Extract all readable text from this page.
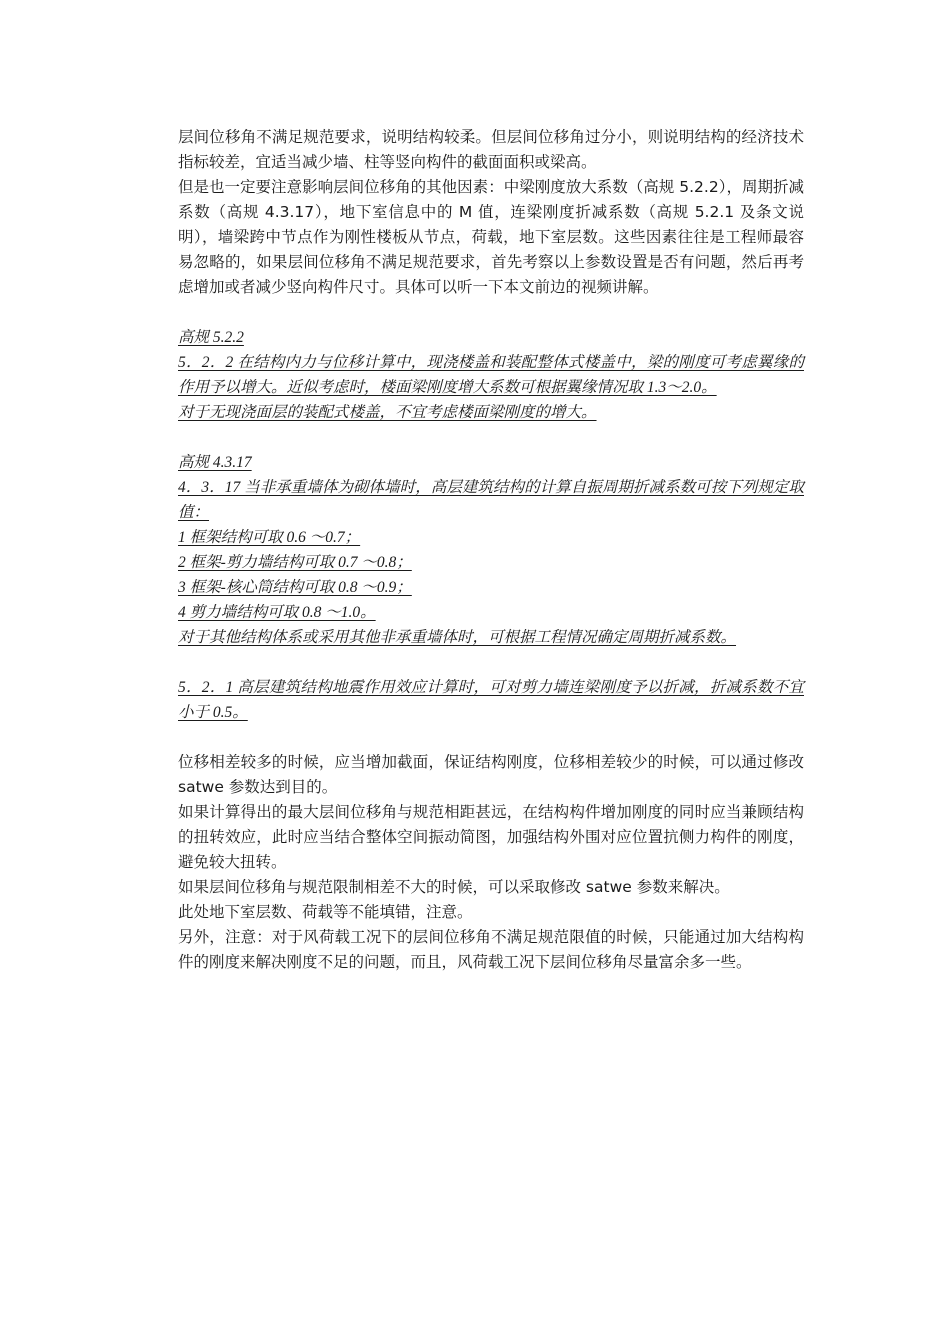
层间位移角不满足规范要求，说明结构较柔。但层间位移角过分小，则说明结构的经济技术指标较差，宜适当减少墙、柱等竖向构件的截面面积或梁高。

但是也一定要注意影响层间位移角的其他因素：中梁刚度放大系数（高规 5.2.2），周期折减系数（高规 4.3.17），地下室信息中的 M 值，连梁刚度折减系数（高规 5.2.1 及条文说明），墙梁跨中节点作为刚性楼板从节点，荷载，地下室层数。这些因素往往是工程师最容易忽略的，如果层间位移角不满足规范要求，首先考察以上参数设置是否有问题，然后再考虑增加或者减少竖向构件尺寸。具体可以听一下本文前边的视频讲解。

高规 5.2.2

5．2．2 在结构内力与位移计算中，现浇楼盖和装配整体式楼盖中，梁的刚度可考虑翼缘的作用予以增大。近似考虑时，楼面梁刚度增大系数可根据翼缘情况取 1.3～2.0。

对于无现浇面层的装配式楼盖，不宜考虑楼面梁刚度的增大。

高规 4.3.17

4．3．17 当非承重墙体为砌体墙时，高层建筑结构的计算自振周期折减系数可按下列规定取值：

1 框架结构可取 0.6 ～0.7；

2 框架-剪力墙结构可取 0.7 ～0.8；

3 框架-核心筒结构可取 0.8 ～0.9；

4 剪力墙结构可取 0.8 ～1.0。

对于其他结构体系或采用其他非承重墙体时，可根据工程情况确定周期折减系数。

5．2．1 高层建筑结构地震作用效应计算时，可对剪力墙连梁刚度予以折减，折减系数不宜小于 0.5。

位移相差较多的时候，应当增加截面，保证结构刚度，位移相差较少的时候，可以通过修改 satwe 参数达到目的。

如果计算得出的最大层间位移角与规范相距甚远，在结构构件增加刚度的同时应当兼顾结构的扭转效应，此时应当结合整体空间振动简图，加强结构外围对应位置抗侧力构件的刚度，避免较大扭转。

如果层间位移角与规范限制相差不大的时候，可以采取修改 satwe 参数来解决。

此处地下室层数、荷载等不能填错，注意。

另外，注意：对于风荷载工况下的层间位移角不满足规范限值的时候，只能通过加大结构构件的刚度来解决刚度不足的问题，而且，风荷载工况下层间位移角尽量富余多一些。
